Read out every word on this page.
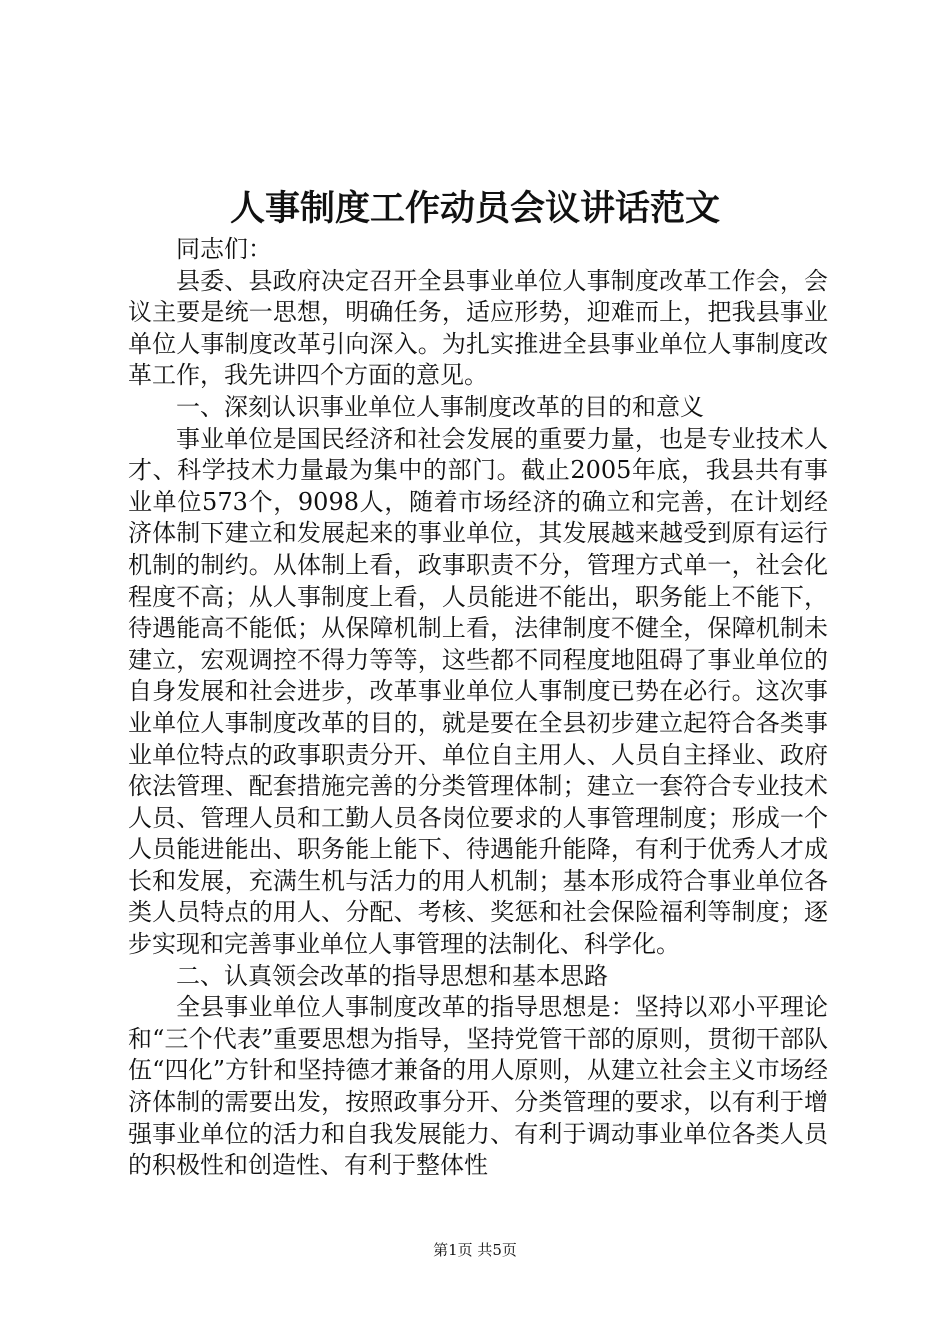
人事制度工作动员会议讲话范文

同志们：

县委、县政府决定召开全县事业单位人事制度改革工作会，会议主要是统一思想，明确任务，适应形势，迎难而上，把我县事业单位人事制度改革引向深入。为扎实推进全县事业单位人事制度改革工作，我先讲四个方面的意见。

一、深刻认识事业单位人事制度改革的目的和意义

事业单位是国民经济和社会发展的重要力量，也是专业技术人才、科学技术力量最为集中的部门。截止2005年底，我县共有事业单位573个，9098人，随着市场经济的确立和完善，在计划经济体制下建立和发展起来的事业单位，其发展越来越受到原有运行机制的制约。从体制上看，政事职责不分，管理方式单一，社会化程度不高；从人事制度上看，人员能进不能出，职务能上不能下，待遇能高不能低；从保障机制上看，法律制度不健全，保障机制未建立，宏观调控不得力等等，这些都不同程度地阻碍了事业单位的自身发展和社会进步，改革事业单位人事制度已势在必行。这次事业单位人事制度改革的目的，就是要在全县初步建立起符合各类事业单位特点的政事职责分开、单位自主用人、人员自主择业、政府依法管理、配套措施完善的分类管理体制；建立一套符合专业技术人员、管理人员和工勤人员各岗位要求的人事管理制度；形成一个人员能进能出、职务能上能下、待遇能升能降，有利于优秀人才成长和发展，充满生机与活力的用人机制；基本形成符合事业单位各类人员特点的用人、分配、考核、奖惩和社会保险福利等制度；逐步实现和完善事业单位人事管理的法制化、科学化。

二、认真领会改革的指导思想和基本思路

全县事业单位人事制度改革的指导思想是：坚持以邓小平理论和“三个代表”重要思想为指导，坚持党管干部的原则，贯彻干部队伍“四化”方针和坚持德才兼备的用人原则，从建立社会主义市场经济体制的需要出发，按照政事分开、分类管理的要求，以有利于增强事业单位的活力和自我发展能力、有利于调动事业单位各类人员的积极性和创造性、有利于整体性

第1页 共5页
